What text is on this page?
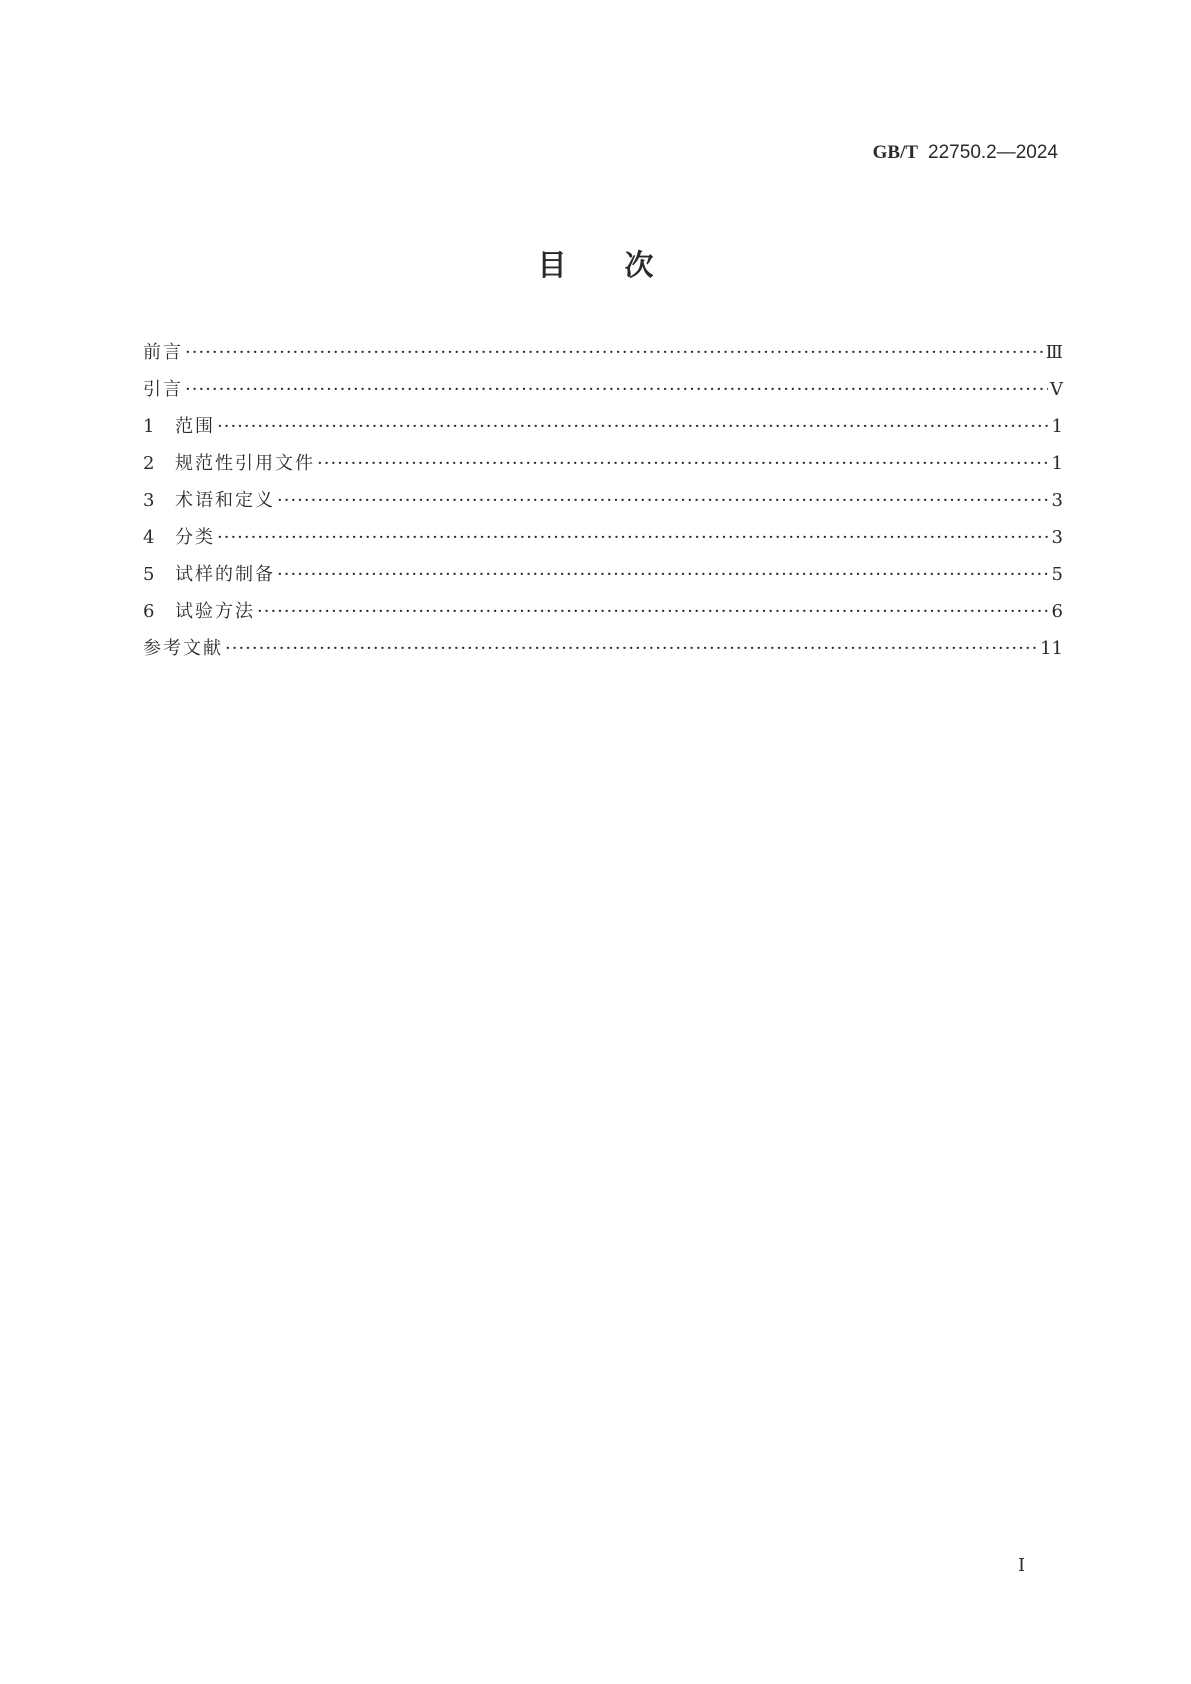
GB/T 22750.2—2024
目次
前言 ·····	Ⅲ
引言 ·····	Ⅴ
1	范围 ·····	1
2	规范性引用文件 ·····	1
3	术语和定义 ·····	3
4	分类 ·····	3
5	试样的制备 ·····	5
6	试验方法 ·····	6
参考文献 ·····	11
Ⅰ
